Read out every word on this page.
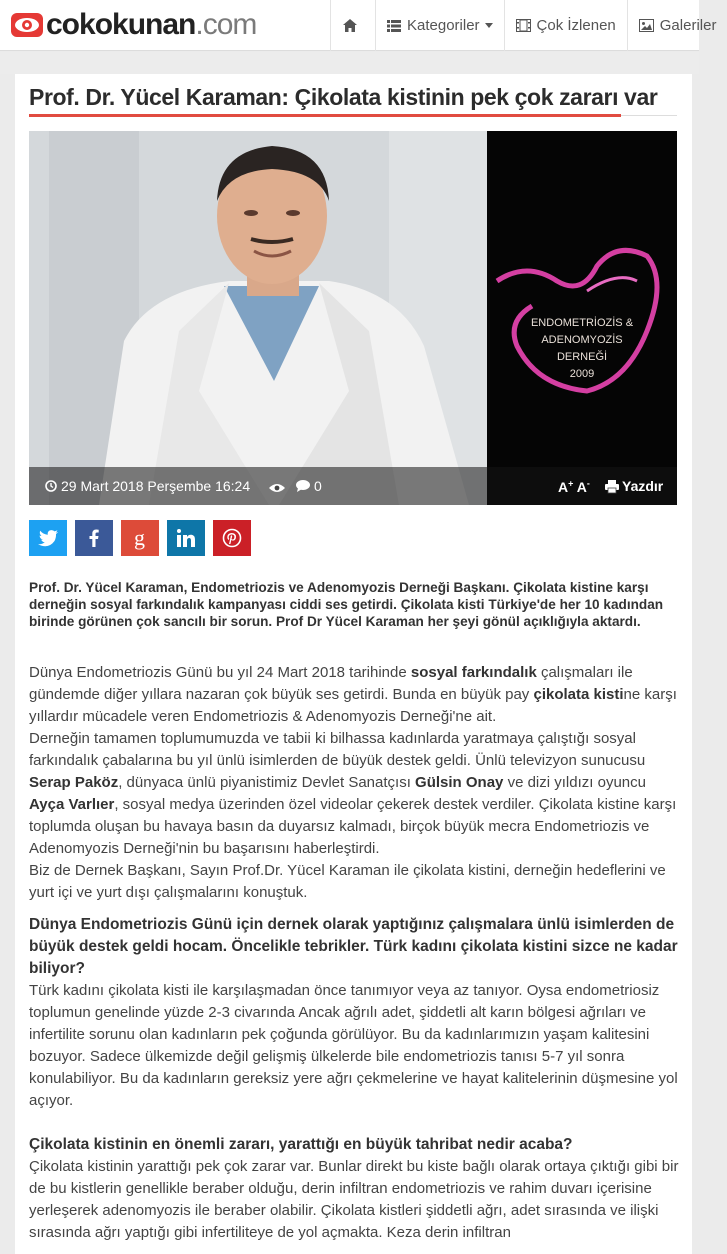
cokokunan.com	Kategoriler	Çok İzlenen	Galeriler
Prof. Dr. Yücel Karaman: Çikolata kistinin pek çok zararı var
ENDOMETRİOZİS &
ADENOMYOZİS
DERNEĞİ
2009
29 Mart 2018 Perşembe 16:24	0	A+ A- Yazdır
g

Prof. Dr. Yücel Karaman, Endometriozis ve Adenomyozis Derneği Başkanı. Çikolata kistine karşı derneğin sosyal farkındalık kampanyası ciddi ses getirdi. Çikolata kisti Türkiye'de her 10 kadından birinde görünen çok sancılı bir sorun. Prof Dr Yücel Karaman her şeyi gönül açıklığıyla aktardı.

Dünya Endometriozis Günü bu yıl 24 Mart 2018 tarihinde sosyal farkındalık çalışmaları ile gündemde diğer yıllara nazaran çok büyük ses getirdi. Bunda en büyük pay çikolata kistine karşı yıllardır mücadele veren Endometriozis & Adenomyozis Derneği'ne ait.

Derneğin tamamen toplumumuzda ve tabii ki bilhassa kadınlarda yaratmaya çalıştığı sosyal farkındalık çabalarına bu yıl ünlü isimlerden de büyük destek geldi. Ünlü televizyon sunucusu Serap Paköz, dünyaca ünlü piyanistimiz Devlet Sanatçısı Gülsin Onay ve dizi yıldızı oyuncu Ayça Varlıer, sosyal medya üzerinden özel videolar çekerek destek verdiler. Çikolata kistine karşı toplumda oluşan bu havaya basın da duyarsız kalmadı, birçok büyük mecra Endometriozis ve Adenomyozis Derneği'nin bu başarısını haberleştirdi.

Biz de Dernek Başkanı, Sayın Prof.Dr. Yücel Karaman ile çikolata kistini, derneğin hedeflerini ve yurt içi ve yurt dışı çalışmalarını konuştuk.

Dünya Endometriozis Günü için dernek olarak yaptığınız çalışmalara ünlü isimlerden de büyük destek geldi hocam. Öncelikle tebrikler. Türk kadını çikolata kistini sizce ne kadar biliyor?

Türk kadını çikolata kisti ile karşılaşmadan önce tanımıyor veya az tanıyor. Oysa endometriosiz toplumun genelinde yüzde 2-3 civarında Ancak ağrılı adet, şiddetli alt karın bölgesi ağrıları ve infertilite sorunu olan kadınların pek çoğunda görülüyor. Bu da kadınlarımızın yaşam kalitesini bozuyor. Sadece ülkemizde değil gelişmiş ülkelerde bile endometriozis tanısı 5-7 yıl sonra konulabiliyor. Bu da kadınların gereksiz yere ağrı çekmelerine ve hayat kalitelerinin düşmesine yol açıyor.

Çikolata kistinin en önemli zararı, yarattığı en büyük tahribat nedir acaba?

Çikolata kistinin yarattığı pek çok zarar var. Bunlar direkt bu kiste bağlı olarak ortaya çıktığı gibi bir de bu kistlerin genellikle beraber olduğu, derin infiltran endometriozis ve rahim duvarı içerisine yerleşerek adenomyozis ile beraber olabilir. Çikolata kistleri şiddetli ağrı, adet sırasında ve ilişki sırasında ağrı yaptığı gibi infertiliteye de yol açmakta. Keza derin infiltran
